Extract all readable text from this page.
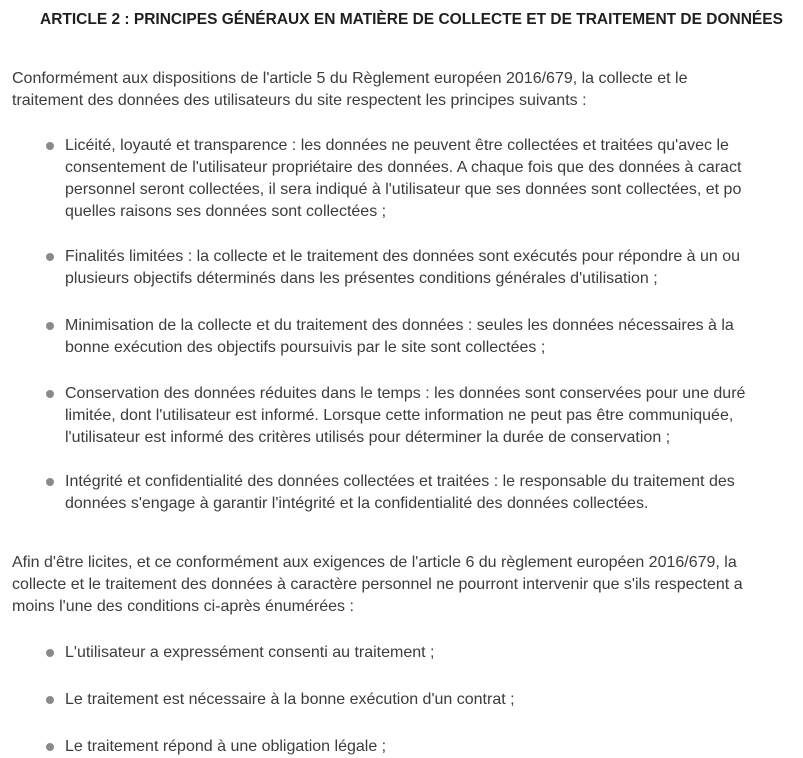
ARTICLE 2 : PRINCIPES GÉNÉRAUX EN MATIÈRE DE COLLECTE ET DE TRAITEMENT DE DONNÉES

Conformément aux dispositions de l'article 5 du Règlement européen 2016/679, la collecte et le
traitement des données des utilisateurs du site respectent les principes suivants :

Licéité, loyauté et transparence : les données ne peuvent être collectées et traitées qu'avec le
consentement de l'utilisateur propriétaire des données. A chaque fois que des données à caract
personnel seront collectées, il sera indiqué à l'utilisateur que ses données sont collectées, et po
quelles raisons ses données sont collectées ;

Finalités limitées : la collecte et le traitement des données sont exécutés pour répondre à un ou
plusieurs objectifs déterminés dans les présentes conditions générales d'utilisation ;

Minimisation de la collecte et du traitement des données : seules les données nécessaires à la
bonne exécution des objectifs poursuivis par le site sont collectées ;

Conservation des données réduites dans le temps : les données sont conservées pour une duré
limitée, dont l'utilisateur est informé. Lorsque cette information ne peut pas être communiquée,
l'utilisateur est informé des critères utilisés pour déterminer la durée de conservation ;

Intégrité et confidentialité des données collectées et traitées : le responsable du traitement des
données s'engage à garantir l'intégrité et la confidentialité des données collectées.

Afin d'être licites, et ce conformément aux exigences de l'article 6 du règlement européen 2016/679, la
collecte et le traitement des données à caractère personnel ne pourront intervenir que s'ils respectent a
moins l'une des conditions ci-après énumérées :

L'utilisateur a expressément consenti au traitement ;

Le traitement est nécessaire à la bonne exécution d'un contrat ;

Le traitement répond à une obligation légale ;
